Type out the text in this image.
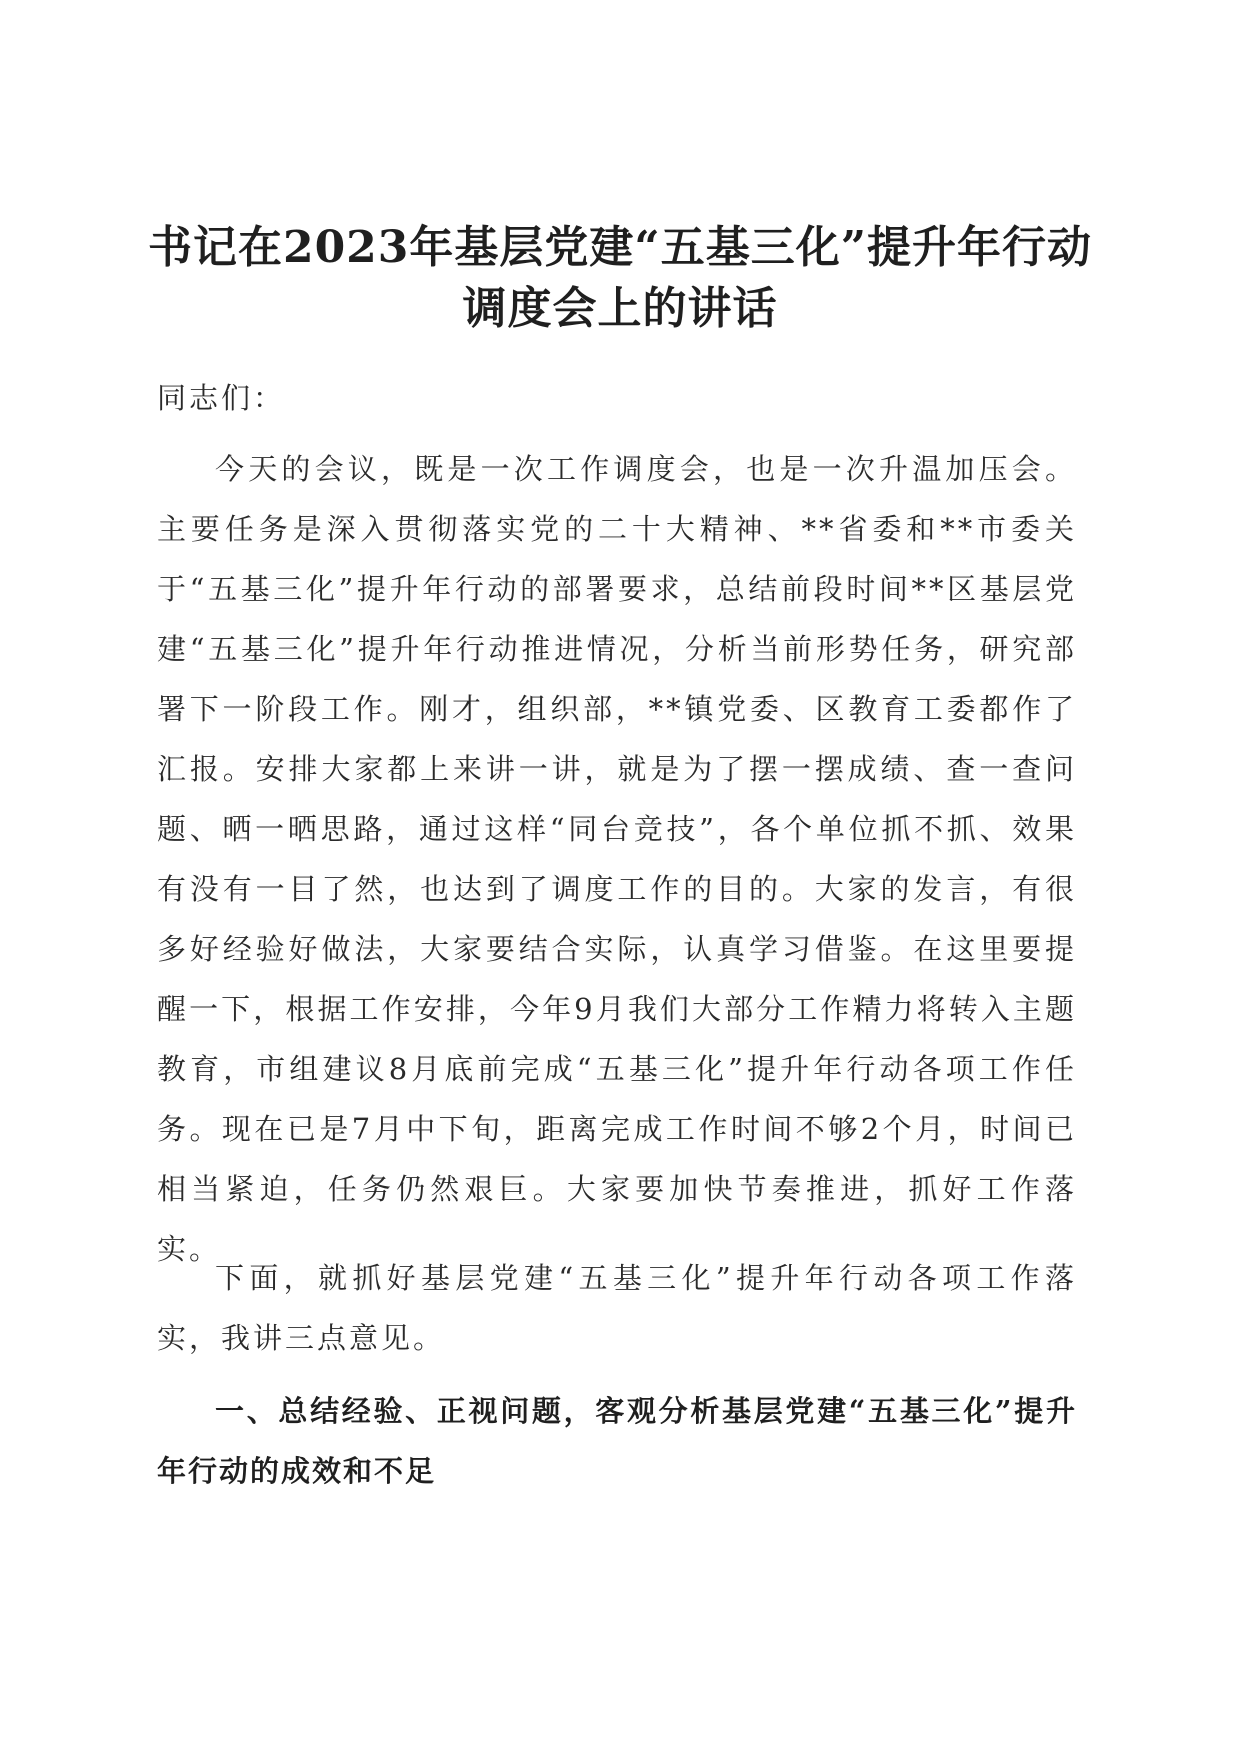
书记在2023年基层党建“五基三化”提升年行动
调度会上的讲话

同志们：

今天的会议，既是一次工作调度会，也是一次升温加压会。主要任务是深入贯彻落实党的二十大精神、**省委和**市委关于“五基三化”提升年行动的部署要求，总结前段时间**区基层党建“五基三化”提升年行动推进情况，分析当前形势任务，研究部署下一阶段工作。刚才，组织部，**镇党委、区教育工委都作了汇报。安排大家都上来讲一讲，就是为了摆一摆成绩、查一查问题、晒一晒思路，通过这样“同台竞技”，各个单位抓不抓、效果有没有一目了然，也达到了调度工作的目的。大家的发言，有很多好经验好做法，大家要结合实际，认真学习借鉴。在这里要提醒一下，根据工作安排，今年9月我们大部分工作精力将转入主题教育，市组建议8月底前完成“五基三化”提升年行动各项工作任务。现在已是7月中下旬，距离完成工作时间不够2个月，时间已相当紧迫，任务仍然艰巨。大家要加快节奏推进，抓好工作落实。

下面，就抓好基层党建“五基三化”提升年行动各项工作落实，我讲三点意见。

一、总结经验、正视问题，客观分析基层党建“五基三化”提升年行动的成效和不足
